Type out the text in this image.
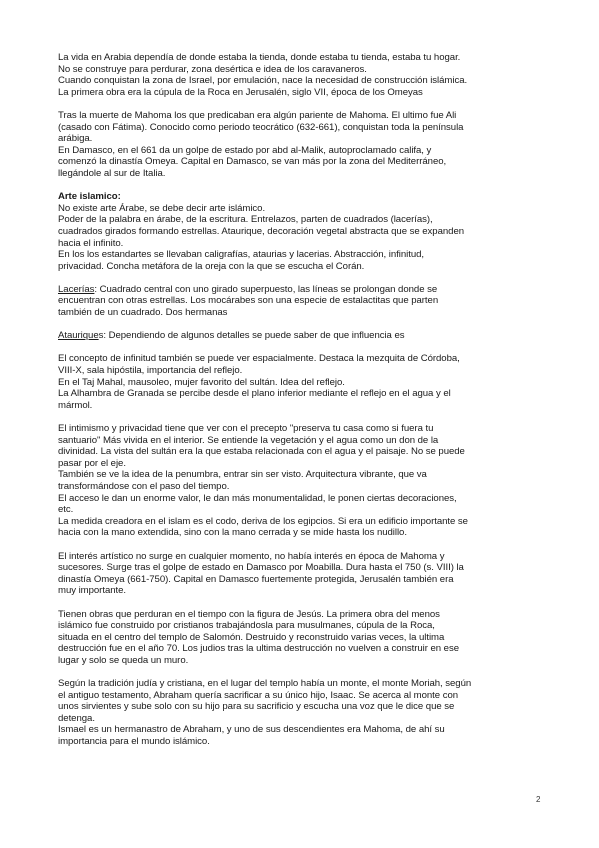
La vida en Arabia dependía de donde estaba la tienda, donde estaba tu tienda, estaba tu hogar.
No se construye para perdurar, zona desértica e idea de los caravaneros.
Cuando conquistan la zona de Israel, por emulación, nace la necesidad de construcción islámica.
La primera obra era la cúpula de la Roca en Jerusalén, siglo VII, época de los Omeyas
Tras la muerte de Mahoma los que predicaban era algún pariente de Mahoma. El ultimo fue Ali
(casado con Fátima). Conocido como periodo teocrático (632-661), conquistan toda la península
arábiga.
En Damasco, en el 661 da un golpe de estado por abd al-Malik, autoproclamado califa, y
comenzó la dinastía Omeya. Capital en Damasco, se van más por la zona del Mediterráneo,
llegándole al sur de Italia.
Arte islamico:
No existe arte Árabe, se debe decir arte islámico.
Poder de la palabra en árabe, de la escritura. Entrelazos, parten de cuadrados (lacerías),
cuadrados girados formando estrellas. Ataurique, decoración vegetal abstracta que se expanden
hacia el infinito.
En los los estandartes se llevaban caligrafías, ataurias y lacerias. Abstracción, infinitud,
privacidad. Concha metáfora de la oreja con la que se escucha el Corán.
Lacerías: Cuadrado central con uno girado superpuesto, las líneas se prolongan donde se
encuentran con otras estrellas. Los mocárabes son una especie de estalactitas que parten
también de un cuadrado. Dos hermanas
Atauriques: Dependiendo de algunos detalles se puede saber de que influencia es
El concepto de infinitud también se puede ver espacialmente. Destaca la mezquita de Córdoba,
VIII-X, sala hipóstila, importancia del reflejo.
En el Taj Mahal, mausoleo, mujer favorito del sultán. Idea del reflejo.
La Alhambra de Granada se percibe desde el plano inferior mediante el reflejo en el agua y el
mármol.
El intimismo y privacidad tiene que ver con el precepto "preserva tu casa como si fuera tu
santuario" Más vivida en el interior. Se entiende la vegetación y el agua como un don de la
divinidad. La vista del sultán era la que estaba relacionada con el agua y el paisaje. No se puede
pasar por el eje.
También se ve la idea de la penumbra, entrar sin ser visto. Arquitectura vibrante, que va
transformándose con el paso del tiempo.
El acceso le dan un enorme valor, le dan más monumentalidad, le ponen ciertas decoraciones,
etc.
La medida creadora en el islam es el codo, deriva de los egipcios. Si era un edificio importante se
hacia con la mano extendida, sino con la mano cerrada y se mide hasta los nudillo.
El interés artístico no surge en cualquier momento, no había interés en época de Mahoma y
sucesores. Surge tras el golpe de estado en Damasco por Moabilla. Dura hasta el 750 (s. VIII) la
dinastía Omeya (661-750). Capital en Damasco fuertemente protegida, Jerusalén también era
muy importante.
Tienen obras que perduran en el tiempo con la figura de Jesús. La primera obra del menos
islámico fue construido por cristianos trabajándosla para musulmanes, cúpula de la Roca,
situada en el centro del templo de Salomón. Destruido y reconstruido varias veces, la ultima
destrucción fue en el año 70. Los judios tras la ultima destrucción no vuelven a construir en ese
lugar y solo se queda un muro.
Según la tradición judía y cristiana, en el lugar del templo había un monte, el monte Moriah, según
el antiguo testamento, Abraham quería sacrificar a su único hijo, Isaac. Se acerca al monte con
unos sirvientes y sube solo con su hijo para su sacrificio y escucha una voz que le dice que se
detenga.
Ismael es un hermanastro de Abraham, y uno de sus descendientes era Mahoma, de ahí su
importancia para el mundo islámico.
2
